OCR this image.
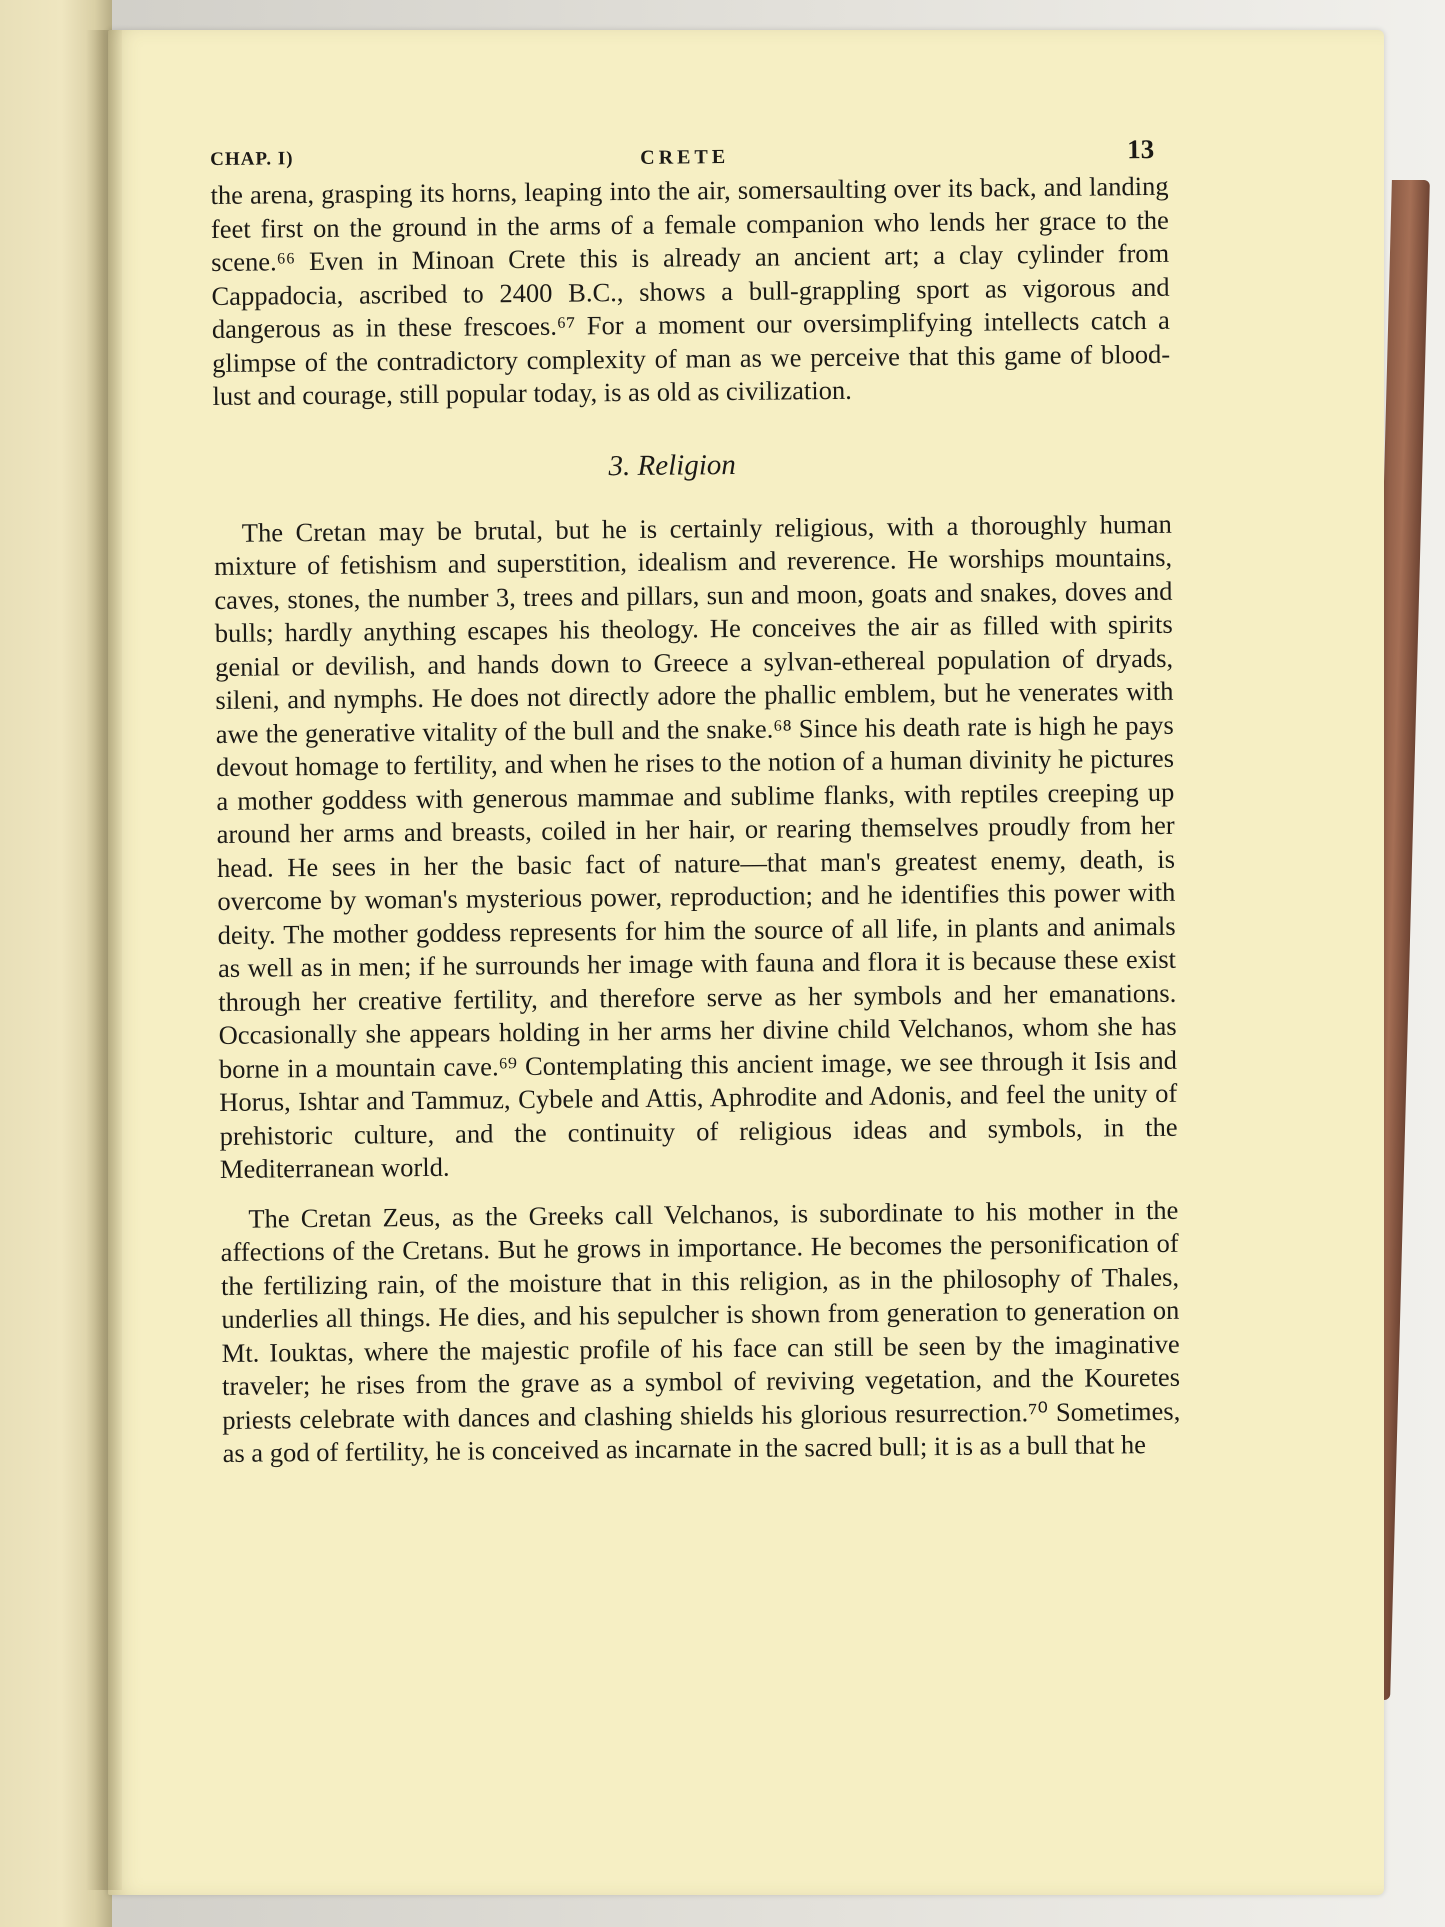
CHAP. I)	CRETE	13

the arena, grasping its horns, leaping into the air, somersaulting over its back, and landing feet first on the ground in the arms of a female companion who lends her grace to the scene.⁶⁶ Even in Minoan Crete this is already an ancient art; a clay cylinder from Cappadocia, ascribed to 2400 B.C., shows a bull-grappling sport as vigorous and dangerous as in these frescoes.⁶⁷ For a moment our oversimplifying intellects catch a glimpse of the contradictory complexity of man as we perceive that this game of blood-lust and courage, still popular today, is as old as civilization.

3. Religion

The Cretan may be brutal, but he is certainly religious, with a thoroughly human mixture of fetishism and superstition, idealism and reverence. He worships mountains, caves, stones, the number 3, trees and pillars, sun and moon, goats and snakes, doves and bulls; hardly anything escapes his theology. He conceives the air as filled with spirits genial or devilish, and hands down to Greece a sylvan-ethereal population of dryads, sileni, and nymphs. He does not directly adore the phallic emblem, but he venerates with awe the generative vitality of the bull and the snake.⁶⁸ Since his death rate is high he pays devout homage to fertility, and when he rises to the notion of a human divinity he pictures a mother goddess with generous mammae and sublime flanks, with reptiles creeping up around her arms and breasts, coiled in her hair, or rearing themselves proudly from her head. He sees in her the basic fact of nature—that man's greatest enemy, death, is overcome by woman's mysterious power, reproduction; and he identifies this power with deity. The mother goddess represents for him the source of all life, in plants and animals as well as in men; if he surrounds her image with fauna and flora it is because these exist through her creative fertility, and therefore serve as her symbols and her emanations. Occasionally she appears holding in her arms her divine child Velchanos, whom she has borne in a mountain cave.⁶⁹ Contemplating this ancient image, we see through it Isis and Horus, Ishtar and Tammuz, Cybele and Attis, Aphrodite and Adonis, and feel the unity of prehistoric culture, and the continuity of religious ideas and symbols, in the Mediterranean world.

The Cretan Zeus, as the Greeks call Velchanos, is subordinate to his mother in the affections of the Cretans. But he grows in importance. He becomes the personification of the fertilizing rain, of the moisture that in this religion, as in the philosophy of Thales, underlies all things. He dies, and his sepulcher is shown from generation to generation on Mt. Iouktas, where the majestic profile of his face can still be seen by the imaginative traveler; he rises from the grave as a symbol of reviving vegetation, and the Kouretes priests celebrate with dances and clashing shields his glorious resurrection.⁷⁰ Sometimes, as a god of fertility, he is conceived as incarnate in the sacred bull; it is as a bull that he
